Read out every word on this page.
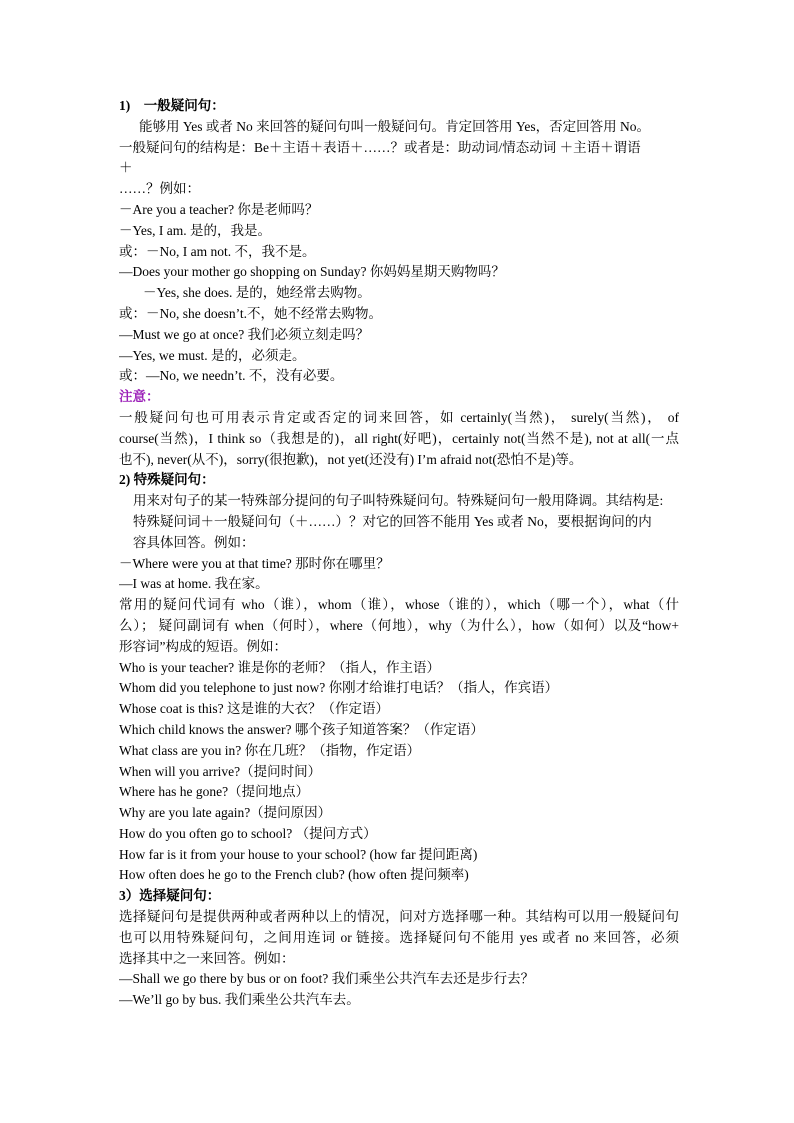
1)　一般疑问句：
能够用 Yes 或者 No 来回答的疑问句叫一般疑问句。肯定回答用 Yes，否定回答用 No。
一般疑问句的结构是：Be＋主语＋表语＋……？或者是：助动词/情态动词 ＋主语＋谓语
＋
……？例如：
－Are you a teacher? 你是老师吗？
－Yes, I am. 是的，我是。
或：－No, I am not. 不，我不是。
—Does your mother go shopping on Sunday? 你妈妈星期天购物吗？
－Yes, she does. 是的，她经常去购物。
或：－No, she doesn’t.不，她不经常去购物。
—Must we go at once? 我们必须立刻走吗？
—Yes, we must. 是的，必须走。
或：—No, we needn’t. 不，没有必要。
注意：
一般疑问句也可用表示肯定或否定的词来回答，如 certainly(当然)， surely(当然)， of
course(当然)，I think so（我想是的)，all right(好吧)，certainly not(当然不是), not at all(一点
也不), never(从不)，sorry(很抱歉)，not yet(还没有) I’m afraid not(恐怕不是)等。
2) 特殊疑问句：
用来对句子的某一特殊部分提问的句子叫特殊疑问句。特殊疑问句一般用降调。其结构是:
特殊疑问词＋一般疑问句（＋……）？对它的回答不能用 Yes 或者 No，要根据询问的内
容具体回答。例如：
－Where were you at that time? 那时你在哪里？
—I was at home. 我在家。
常用的疑问代词有 who（谁），whom（谁），whose（谁的），which（哪一个），what（什
么）； 疑问副词有 when（何时），where（何地），why（为什么），how（如何）以及“how+
形容词”构成的短语。例如：
Who is your teacher? 谁是你的老师？（指人，作主语）
Whom did you telephone to just now? 你刚才给谁打电话？（指人，作宾语）
Whose coat is this? 这是谁的大衣？（作定语）
Which child knows the answer? 哪个孩子知道答案？（作定语）
What class are you in? 你在几班？（指物，作定语）
When will you arrive?（提问时间）
Where has he gone?（提问地点）
Why are you late again?（提问原因）
How do you often go to school? （提问方式）
How far is it from your house to your school? (how far 提问距离)
How often does he go to the French club? (how often 提问频率)
3）选择疑问句：
选择疑问句是提供两种或者两种以上的情况，问对方选择哪一种。其结构可以用一般疑问句
也可以用特殊疑问句，之间用连词 or 链接。选择疑问句不能用 yes 或者 no 来回答，必须
选择其中之一来回答。例如：
—Shall we go there by bus or on foot? 我们乘坐公共汽车去还是步行去？
—We’ll go by bus. 我们乘坐公共汽车去。
